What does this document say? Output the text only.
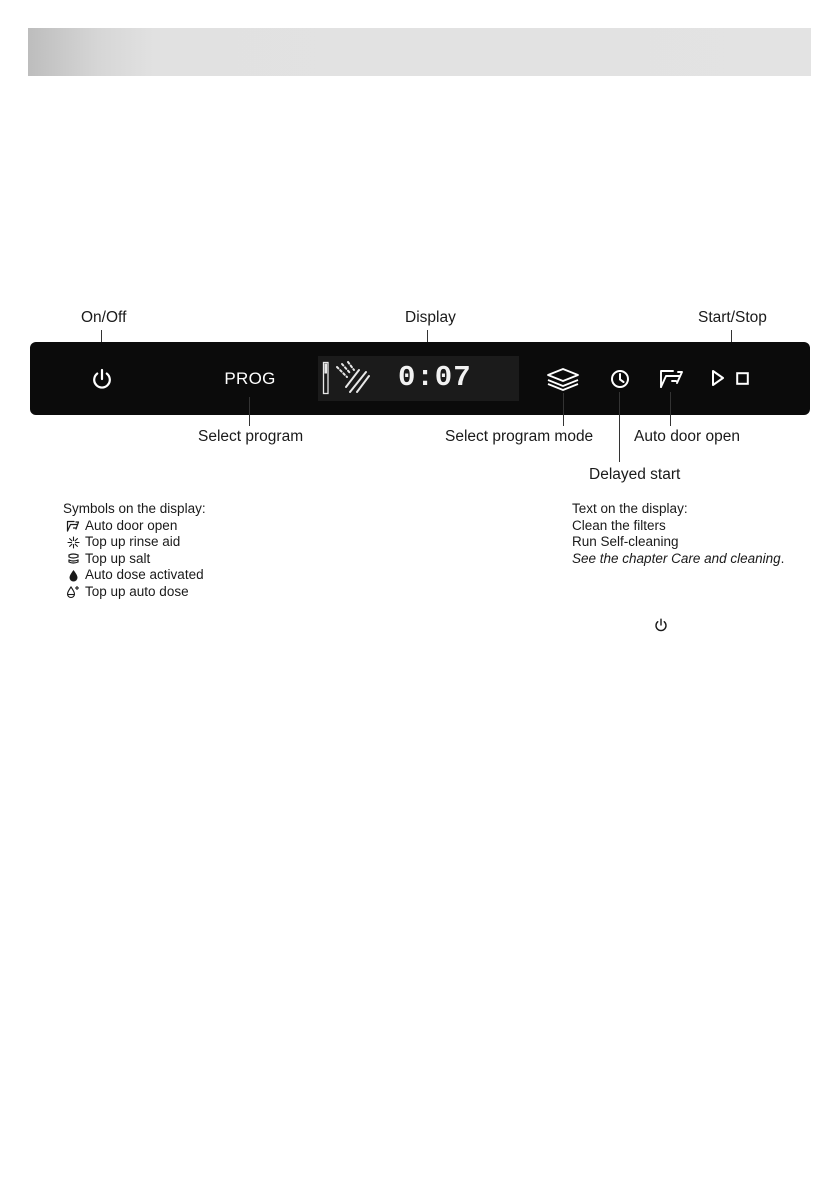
On/Off	Display	Start/Stop
PROG	0:07
Select program	Select program mode
Delayed start
Auto door open
Symbols on the display:
Auto door open
Top up rinse aid
Top up salt
Auto dose activated
Top up auto dose
Text on the display:
Clean the filters
Run Self-cleaning
See the chapter Care and cleaning.
